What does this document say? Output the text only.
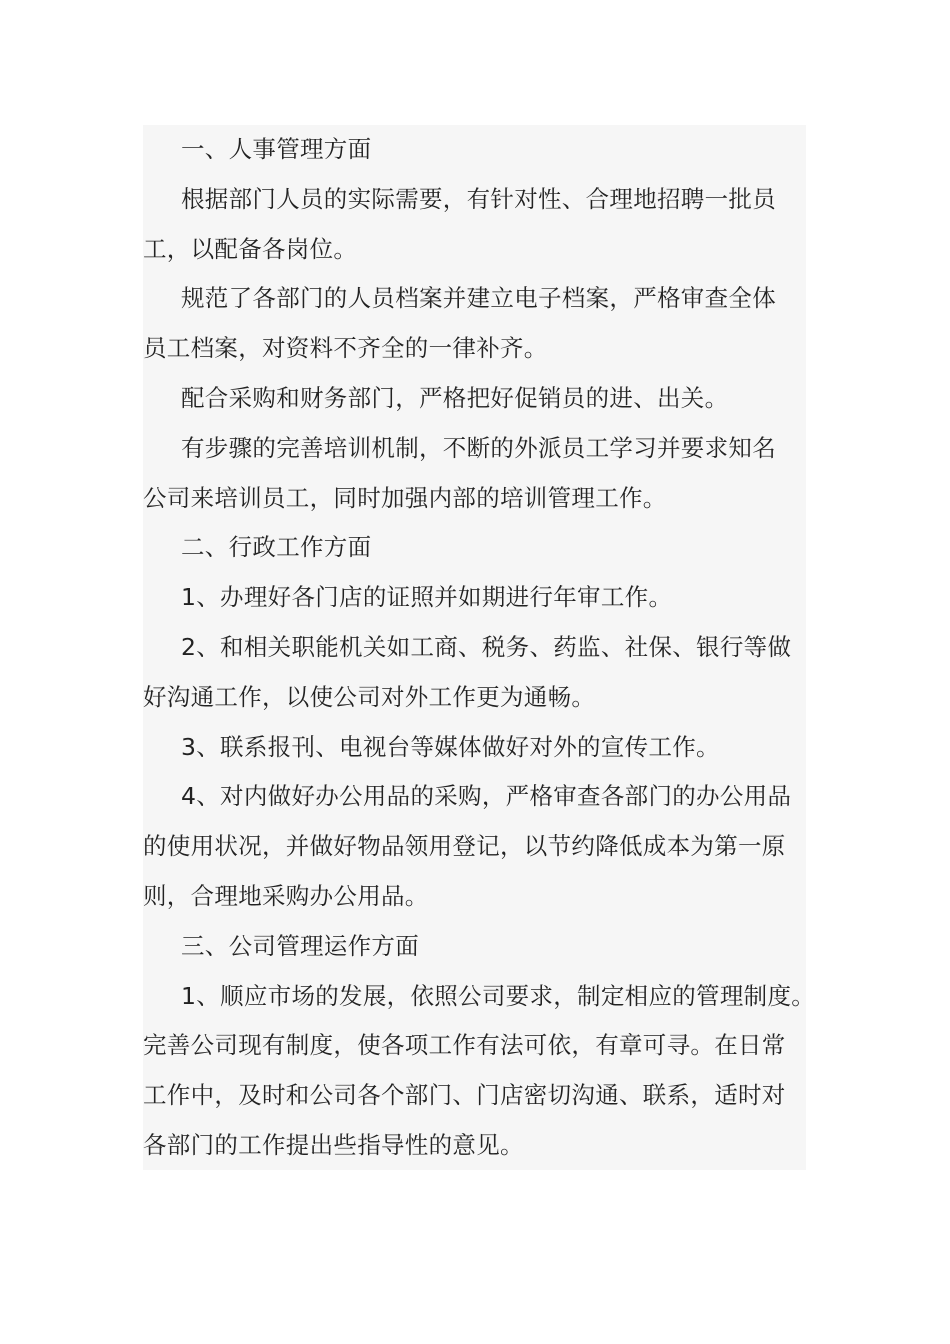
一、人事管理方面

根据部门人员的实际需要，有针对性、合理地招聘一批员
工，以配备各岗位。

规范了各部门的人员档案并建立电子档案，严格审查全体
员工档案，对资料不齐全的一律补齐。

配合采购和财务部门，严格把好促销员的进、出关。

有步骤的完善培训机制，不断的外派员工学习并要求知名
公司来培训员工，同时加强内部的培训管理工作。

二、行政工作方面

1、办理好各门店的证照并如期进行年审工作。

2、和相关职能机关如工商、税务、药监、社保、银行等做
好沟通工作，以使公司对外工作更为通畅。

3、联系报刊、电视台等媒体做好对外的宣传工作。

4、对内做好办公用品的采购，严格审查各部门的办公用品
的使用状况，并做好物品领用登记，以节约降低成本为第一原
则，合理地采购办公用品。

三、公司管理运作方面

1、顺应市场的发展，依照公司要求，制定相应的管理制度。
完善公司现有制度，使各项工作有法可依，有章可寻。在日常
工作中，及时和公司各个部门、门店密切沟通、联系，适时对
各部门的工作提出些指导性的意见。
